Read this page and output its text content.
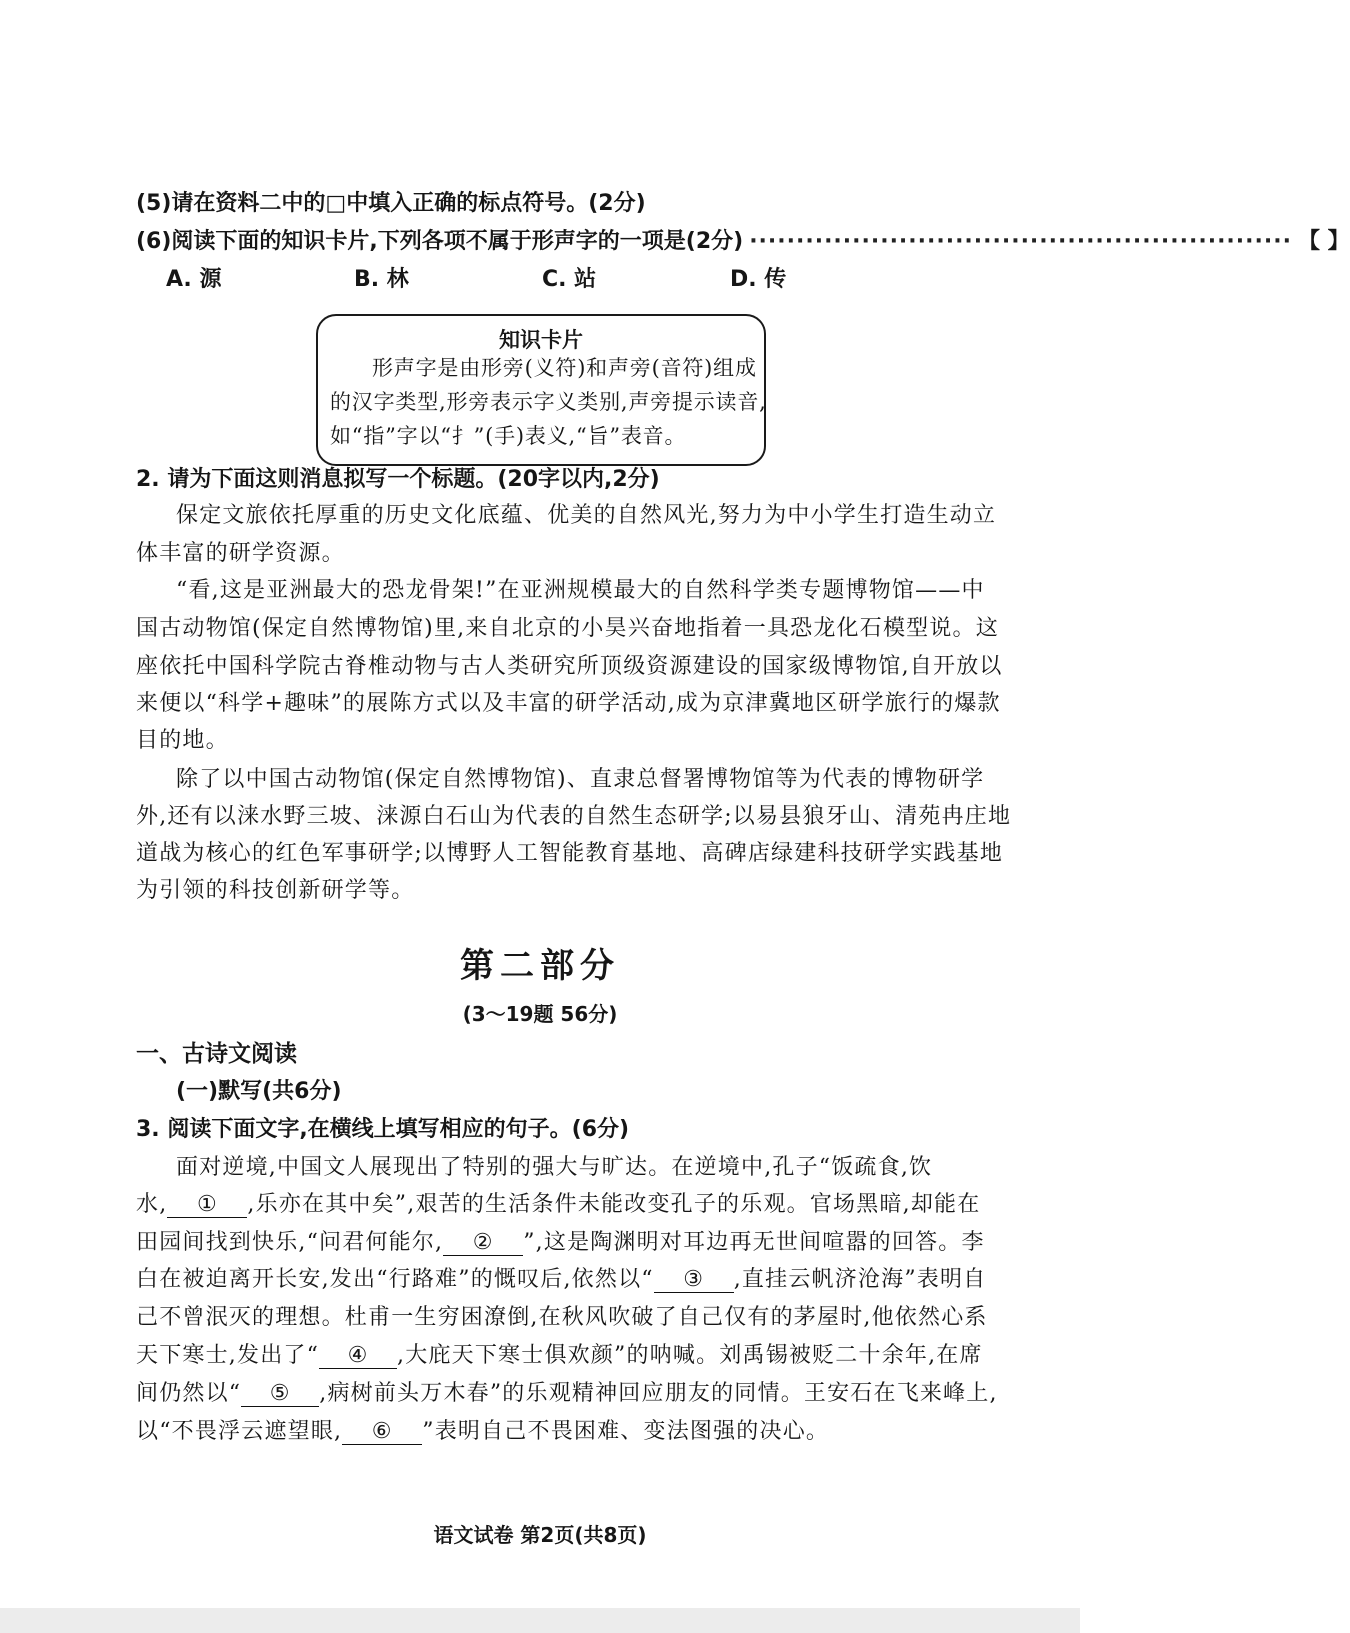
(5)请在资料二中的□中填入正确的标点符号。(2分)
(6)阅读下面的知识卡片,下列各项不属于形声字的一项是(2分) ·························································· 【 】
A. 源	B. 林	C. 站	D. 传
知识卡片
形声字是由形旁(义符)和声旁(音符)组成
的汉字类型,形旁表示字义类别,声旁提示读音,
如“指”字以“扌”(手)表义,“旨”表音。
2. 请为下面这则消息拟写一个标题。(20字以内,2分)
保定文旅依托厚重的历史文化底蕴、优美的自然风光,努力为中小学生打造生动立
体丰富的研学资源。
“看,这是亚洲最大的恐龙骨架!”在亚洲规模最大的自然科学类专题博物馆——中
国古动物馆(保定自然博物馆)里,来自北京的小昊兴奋地指着一具恐龙化石模型说。这
座依托中国科学院古脊椎动物与古人类研究所顶级资源建设的国家级博物馆,自开放以
来便以“科学+趣味”的展陈方式以及丰富的研学活动,成为京津冀地区研学旅行的爆款
目的地。
除了以中国古动物馆(保定自然博物馆)、直隶总督署博物馆等为代表的博物研学
外,还有以涞水野三坡、涞源白石山为代表的自然生态研学;以易县狼牙山、清苑冉庄地
道战为核心的红色军事研学;以博野人工智能教育基地、高碑店绿建科技研学实践基地
为引领的科技创新研学等。
第二部分
(3～19题 56分)
一、古诗文阅读
(一)默写(共6分)
3. 阅读下面文字,在横线上填写相应的句子。(6分)
面对逆境,中国文人展现出了特别的强大与旷达。在逆境中,孔子“饭疏食,饮
水, ① ,乐亦在其中矣”,艰苦的生活条件未能改变孔子的乐观。官场黑暗,却能在
田园间找到快乐,“问君何能尔, ② ”,这是陶渊明对耳边再无世间喧嚣的回答。李
白在被迫离开长安,发出“行路难”的慨叹后,依然以“ ③ ,直挂云帆济沧海”表明自
己不曾泯灭的理想。杜甫一生穷困潦倒,在秋风吹破了自己仅有的茅屋时,他依然心系
天下寒士,发出了“ ④ ,大庇天下寒士俱欢颜”的呐喊。刘禹锡被贬二十余年,在席
间仍然以“ ⑤ ,病树前头万木春”的乐观精神回应朋友的同情。王安石在飞来峰上,
以“不畏浮云遮望眼, ⑥ ”表明自己不畏困难、变法图强的决心。
语文试卷 第2页(共8页)
